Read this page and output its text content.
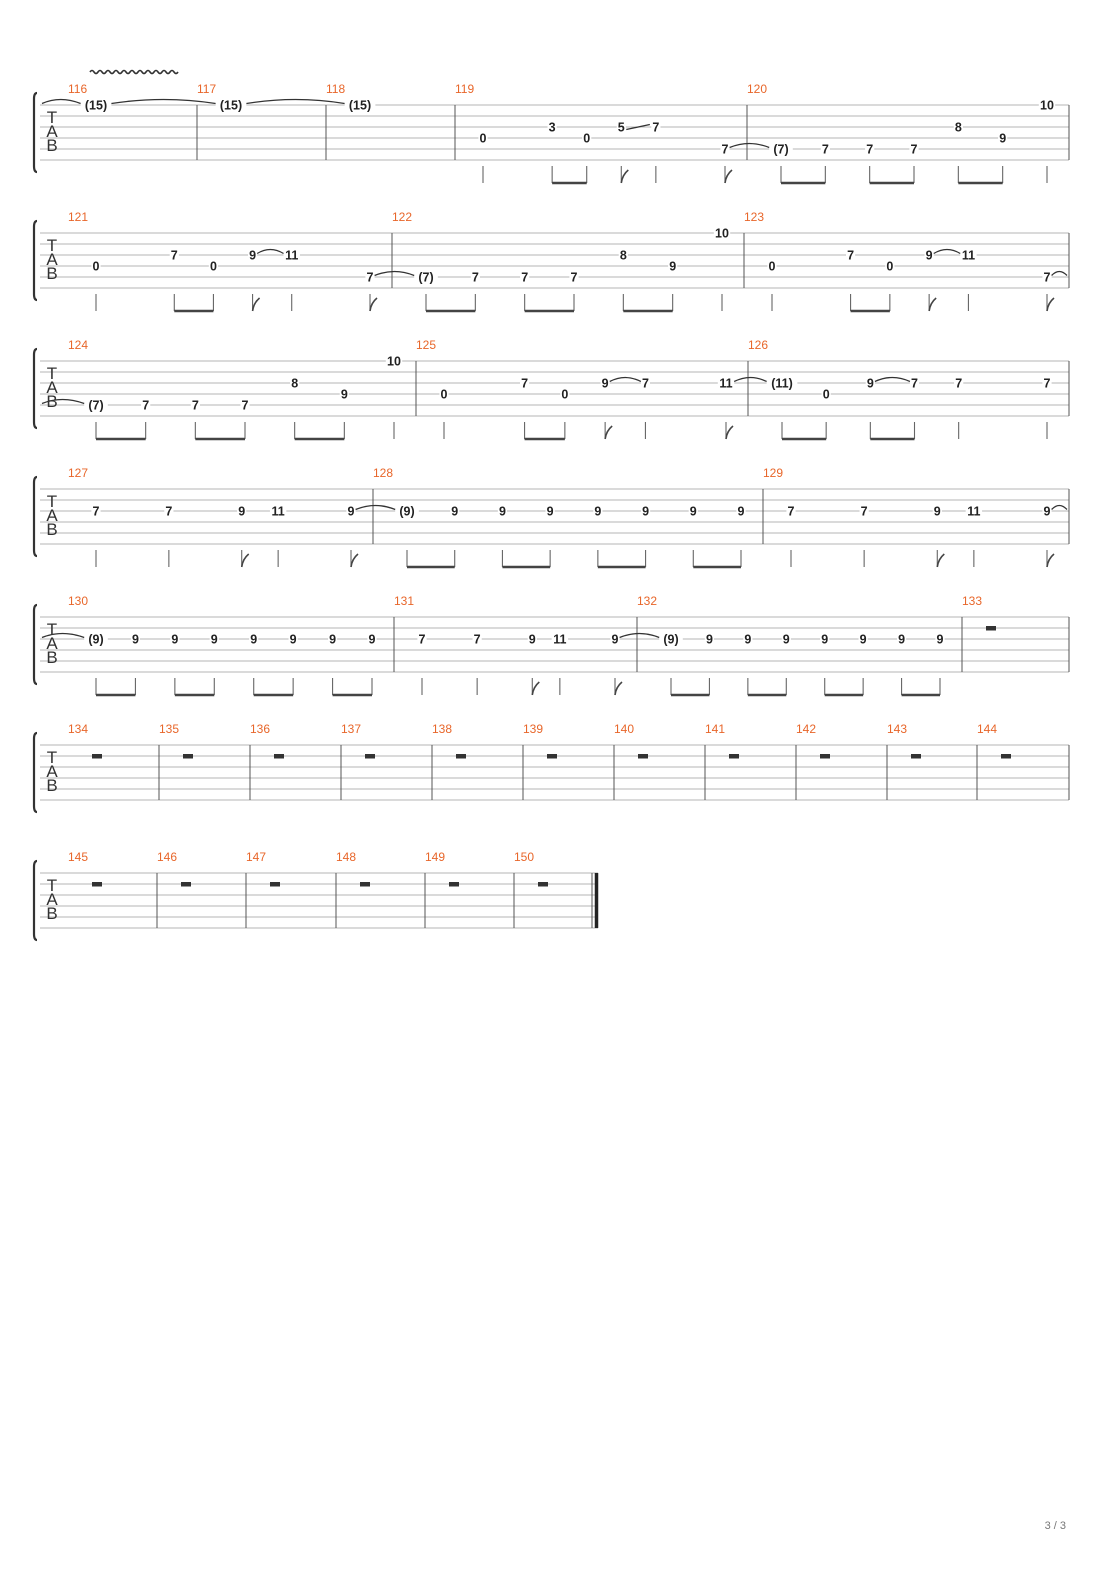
T
A
B
116
(15)
117
(15)
118
(15)
119
0
3
0
5 7
7
120
(7)	7	7	7
8
9
10
T
A
B
121
0
7
0
9 11
7
122
(7)	7	7	7
8
9
10
123
0
7
0
9 11
7
T
A
B
124
(7)	7	7	7
8
9
10
125
0
7
0
9	7	11
126
(11)
0
9	7	7	7
T
A
B
127
7	7	9 11	9
128
(9)	9	9	9	9	9	9	9
129
7	7	9 11	9
T
A
B
130
(9) 9	9	9	9	9	9	9
131
7	7	9 11	9
132
(9) 9	9	9	9	9	9	9
133
T
A
B
134	135	136	137	138	139	140	141	142	143	144
T
A
B
145	146	147	148	149	150
3 / 3
